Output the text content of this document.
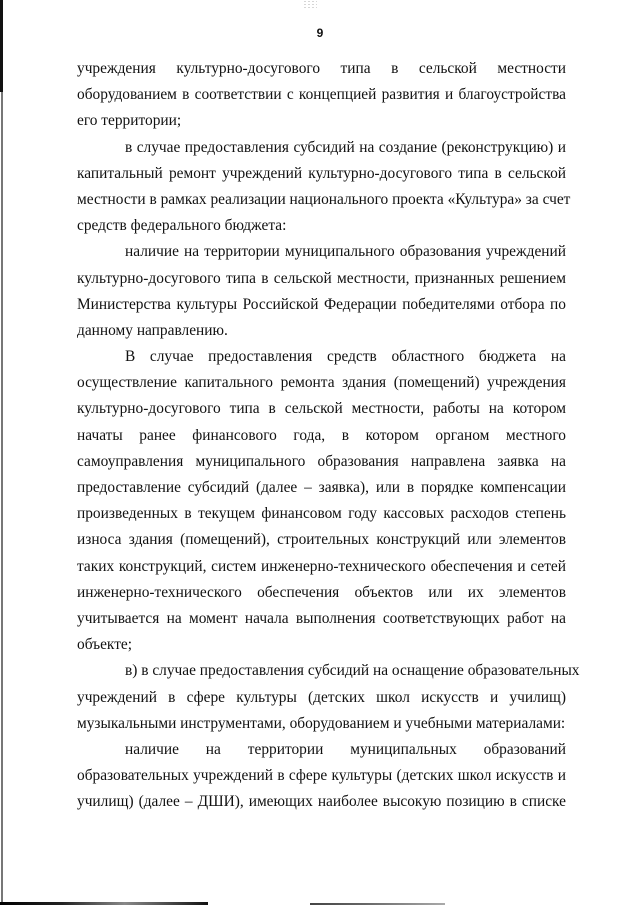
9
учреждения культурно-досугового типа в сельской местности
оборудованием в соответствии с концепцией развития и благоустройства
его территории;
в случае предоставления субсидий на создание (реконструкцию) и
капитальный ремонт учреждений культурно-досугового типа в сельской
местности в рамках реализации национального проекта «Культура» за счет
средств федерального бюджета:
наличие на территории муниципального образования учреждений
культурно-досугового типа в сельской местности, признанных решением
Министерства культуры Российской Федерации победителями отбора по
данному направлению.
В случае предоставления средств областного бюджета на
осуществление капитального ремонта здания (помещений) учреждения
культурно-досугового типа в сельской местности, работы на котором
начаты ранее финансового года, в котором органом местного
самоуправления муниципального образования направлена заявка на
предоставление субсидий (далее – заявка), или в порядке компенсации
произведенных в текущем финансовом году кассовых расходов степень
износа здания (помещений), строительных конструкций или элементов
таких конструкций, систем инженерно-технического обеспечения и сетей
инженерно-технического обеспечения объектов или их элементов
учитывается на момент начала выполнения соответствующих работ на
объекте;
в) в случае предоставления субсидий на оснащение образовательных
учреждений в сфере культуры (детских школ искусств и училищ)
музыкальными инструментами, оборудованием и учебными материалами:
наличие на территории муниципальных образований
образовательных учреждений в сфере культуры (детских школ искусств и
училищ) (далее – ДШИ), имеющих наиболее высокую позицию в списке
